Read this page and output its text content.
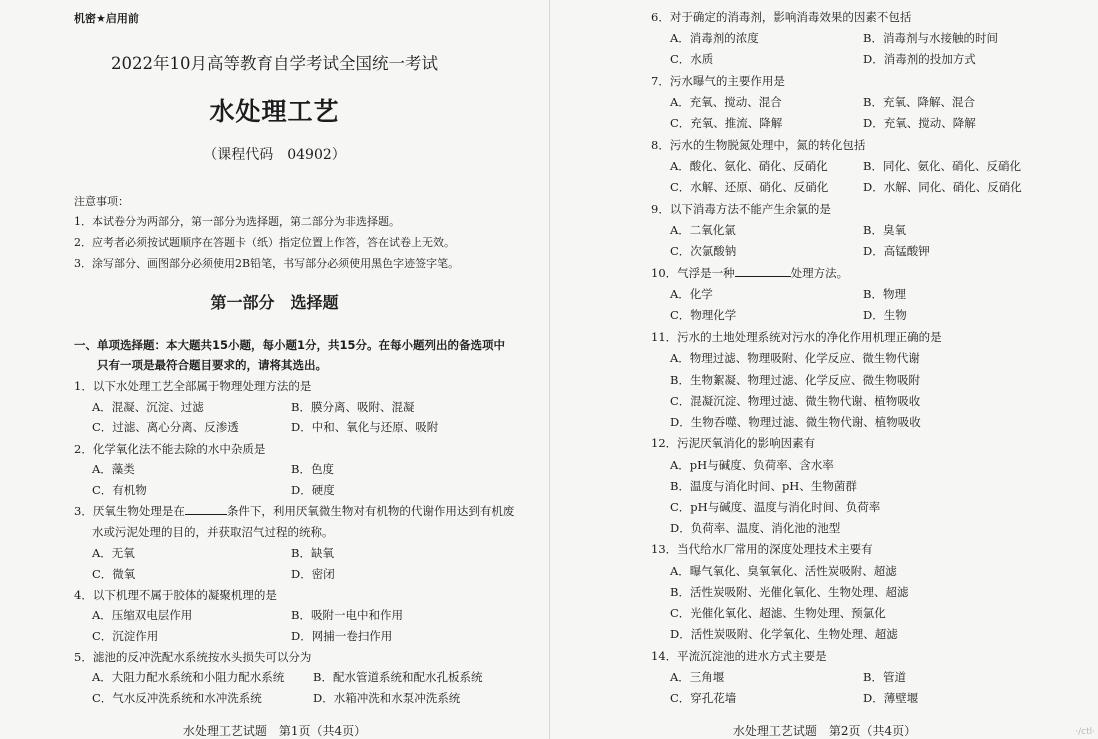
机密★启用前
2022年10月高等教育自学考试全国统一考试
水处理工艺
（课程代码　04902）
注意事项：
1．本试卷分为两部分，第一部分为选择题，第二部分为非选择题。
2．应考者必须按试题顺序在答题卡（纸）指定位置上作答，答在试卷上无效。
3．涂写部分、画图部分必须使用2B铅笔，书写部分必须使用黑色字迹签字笔。
第一部分　选择题
一、单项选择题：本大题共15小题，每小题1分，共15分。在每小题列出的备选项中
只有一项是最符合题目要求的，请将其选出。
1．以下水处理工艺全部属于物理处理方法的是
A．混凝、沉淀、过滤	B．膜分离、吸附、混凝
C．过滤、离心分离、反渗透	D．中和、氧化与还原、吸附
2．化学氧化法不能去除的水中杂质是
A．藻类	B．色度
C．有机物	D．硬度
3．厌氧生物处理是在	条件下，利用厌氧微生物对有机物的代谢作用达到有机废
水或污泥处理的目的，并获取沼气过程的统称。
A．无氧	B．缺氧
C．微氧	D．密闭
4．以下机理不属于胶体的凝聚机理的是
A．压缩双电层作用	B．吸附一电中和作用
C．沉淀作用	D．网捕一卷扫作用
5．滤池的反冲洗配水系统按水头损失可以分为
A．大阻力配水系统和小阻力配水系统 B．配水管道系统和配水孔板系统
C．气水反冲洗系统和水冲洗系统	D．水箱冲洗和水泵冲洗系统
水处理工艺试题　第1页（共4页）
6．对于确定的消毒剂，影响消毒效果的因素不包括
A．消毒剂的浓度	B．消毒剂与水接触的时间
C．水质	D．消毒剂的投加方式
7．污水曝气的主要作用是
A．充氧、搅动、混合	B．充氧、降解、混合
C．充氧、推流、降解	D．充氧、搅动、降解
8．污水的生物脱氮处理中，氮的转化包括
A．酸化、氨化、硝化、反硝化	B．同化、氨化、硝化、反硝化
C．水解、还原、硝化、反硝化	D．水解、同化、硝化、反硝化
9．以下消毒方法不能产生余氯的是
A．二氧化氯	B．臭氧
C．次氯酸钠	D．高锰酸钾
10．气浮是一种	处理方法。
A．化学	B．物理
C．物理化学	D．生物
11．污水的土地处理系统对污水的净化作用机理正确的是
A．物理过滤、物理吸附、化学反应、微生物代谢
B．生物絮凝、物理过滤、化学反应、微生物吸附
C．混凝沉淀、物理过滤、微生物代谢、植物吸收
D．生物吞噬、物理过滤、微生物代谢、植物吸收
12．污泥厌氧消化的影响因素有
A．pH与碱度、负荷率、含水率
B．温度与消化时间、pH、生物菌群
C．pH与碱度、温度与消化时间、负荷率
D．负荷率、温度、消化池的池型
13．当代给水厂常用的深度处理技术主要有
A．曝气氧化、臭氧氧化、活性炭吸附、超滤
B．活性炭吸附、光催化氧化、生物处理、超滤
C．光催化氧化、超滤、生物处理、预氯化
D．活性炭吸附、化学氧化、生物处理、超滤
14．平流沉淀池的进水方式主要是
A．三角堰	B．管道
C．穿孔花墙	D．薄壁堰
水处理工艺试题　第2页（共4页）	·/ctl·
